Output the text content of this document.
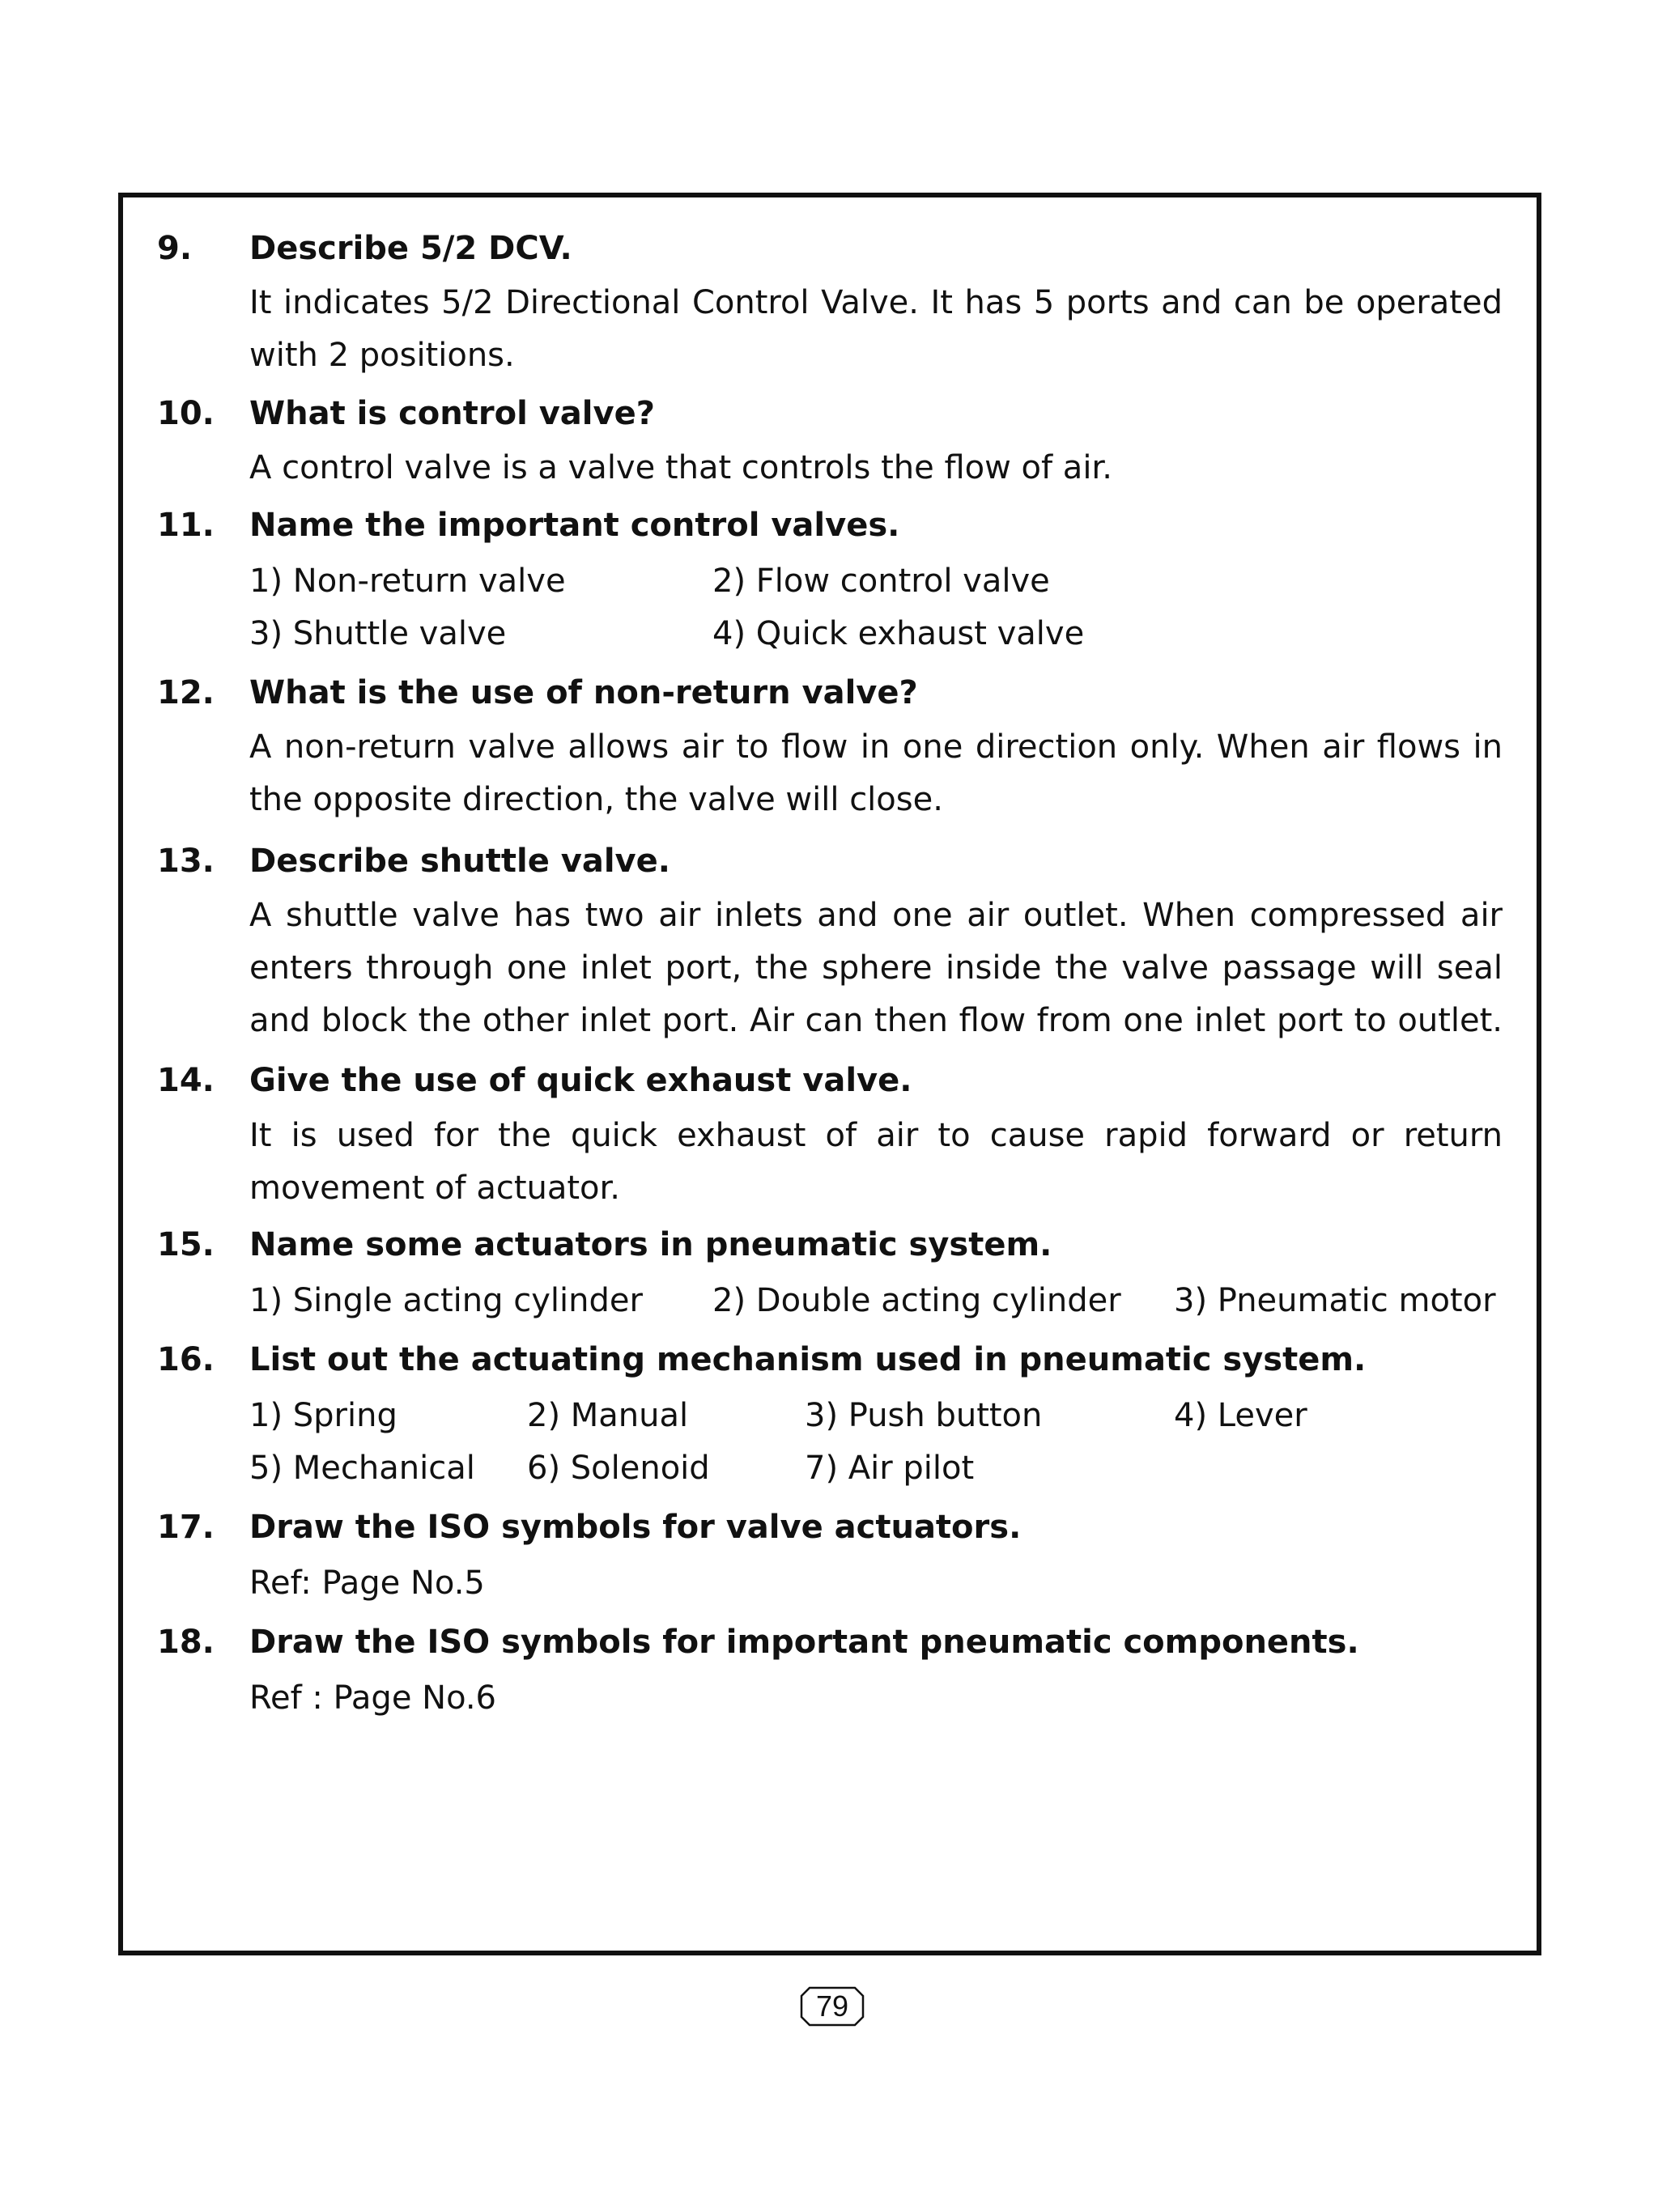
9. Describe 5/2 DCV.

It indicates 5/2 Directional Control Valve. It has 5 ports and can be operated
with 2 positions.

10. What is control valve?

A control valve is a valve that controls the flow of air.

11. Name the important control valves.
1) Non-return valve	2) Flow control valve
3) Shuttle valve	4) Quick exhaust valve
12. What is the use of non-return valve?

A non-return valve allows air to flow in one direction only. When air flows in
the opposite direction, the valve will close.

13. Describe shuttle valve.

A shuttle valve has two air inlets and one air outlet. When compressed air
enters through one inlet port, the sphere inside the valve passage will seal
and block the other inlet port. Air can then flow from one inlet port to outlet.

14. Give the use of quick exhaust valve.

It is used for the quick exhaust of air to cause rapid forward or return
movement of actuator.

15. Name some actuators in pneumatic system.
1) Single acting cylinder 2) Double acting cylinder 3) Pneumatic motor
16. List out the actuating mechanism used in pneumatic system.
1) Spring	2) Manual	3) Push button	4) Lever
5) Mechanical 6) Solenoid	7) Air pilot
17. Draw the ISO symbols for valve actuators.
Ref: Page No.5
18. Draw the ISO symbols for important pneumatic components.
Ref : Page No.6
79
